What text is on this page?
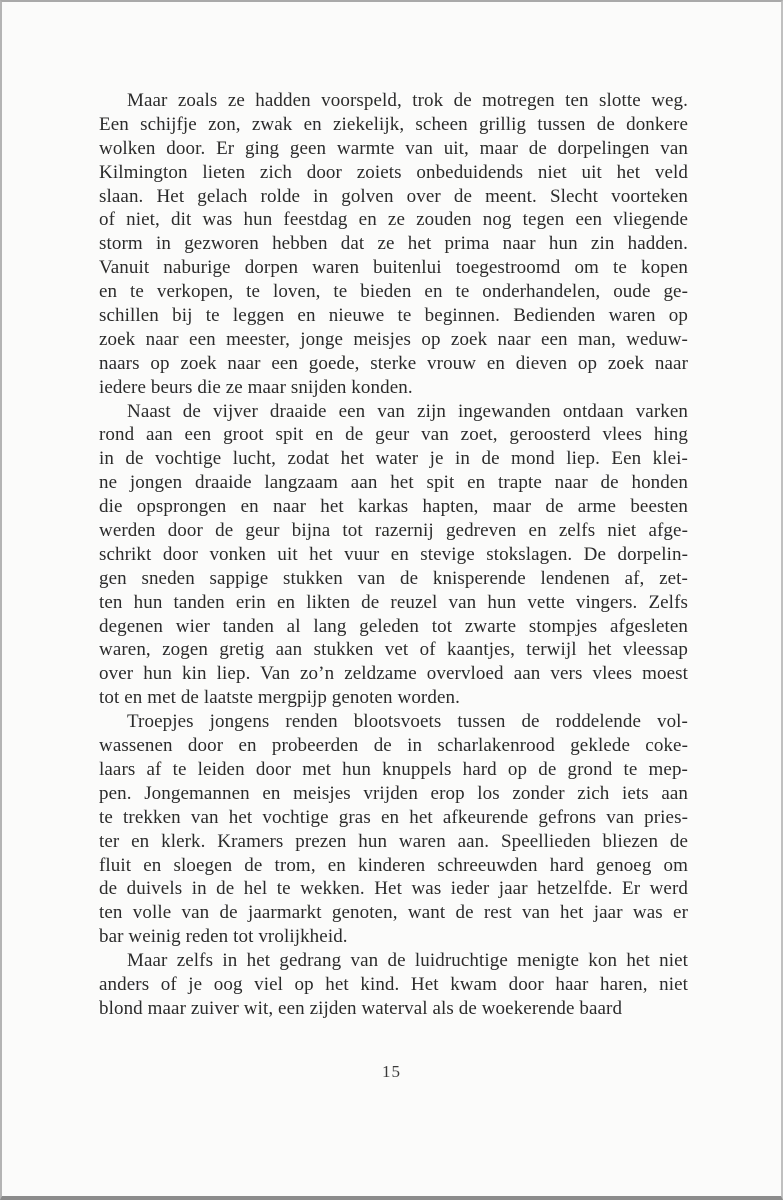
Maar zoals ze hadden voorspeld, trok de motregen ten slotte weg.
Een schijfje zon, zwak en ziekelijk, scheen grillig tussen de donkere
wolken door. Er ging geen warmte van uit, maar de dorpelingen van
Kilmington lieten zich door zoiets onbeduidends niet uit het veld
slaan. Het gelach rolde in golven over de meent. Slecht voorteken
of niet, dit was hun feestdag en ze zouden nog tegen een vliegende
storm in gezworen hebben dat ze het prima naar hun zin hadden.
Vanuit naburige dorpen waren buitenlui toegestroomd om te kopen
en te verkopen, te loven, te bieden en te onderhandelen, oude ge-
schillen bij te leggen en nieuwe te beginnen. Bedienden waren op
zoek naar een meester, jonge meisjes op zoek naar een man, weduw-
naars op zoek naar een goede, sterke vrouw en dieven op zoek naar
iedere beurs die ze maar snijden konden.
Naast de vijver draaide een van zijn ingewanden ontdaan varken
rond aan een groot spit en de geur van zoet, geroosterd vlees hing
in de vochtige lucht, zodat het water je in de mond liep. Een klei-
ne jongen draaide langzaam aan het spit en trapte naar de honden
die opsprongen en naar het karkas hapten, maar de arme beesten
werden door de geur bijna tot razernij gedreven en zelfs niet afge-
schrikt door vonken uit het vuur en stevige stokslagen. De dorpelin-
gen sneden sappige stukken van de knisperende lendenen af, zet-
ten hun tanden erin en likten de reuzel van hun vette vingers. Zelfs
degenen wier tanden al lang geleden tot zwarte stompjes afgesleten
waren, zogen gretig aan stukken vet of kaantjes, terwijl het vleessap
over hun kin liep. Van zo’n zeldzame overvloed aan vers vlees moest
tot en met de laatste mergpijp genoten worden.
Troepjes jongens renden blootsvoets tussen de roddelende vol-
wassenen door en probeerden de in scharlakenrood geklede coke-
laars af te leiden door met hun knuppels hard op de grond te mep-
pen. Jongemannen en meisjes vrijden erop los zonder zich iets aan
te trekken van het vochtige gras en het afkeurende gefrons van pries-
ter en klerk. Kramers prezen hun waren aan. Speellieden bliezen de
fluit en sloegen de trom, en kinderen schreeuwden hard genoeg om
de duivels in de hel te wekken. Het was ieder jaar hetzelfde. Er werd
ten volle van de jaarmarkt genoten, want de rest van het jaar was er
bar weinig reden tot vrolijkheid.
Maar zelfs in het gedrang van de luidruchtige menigte kon het niet
anders of je oog viel op het kind. Het kwam door haar haren, niet
blond maar zuiver wit, een zijden waterval als de woekerende baard
15
